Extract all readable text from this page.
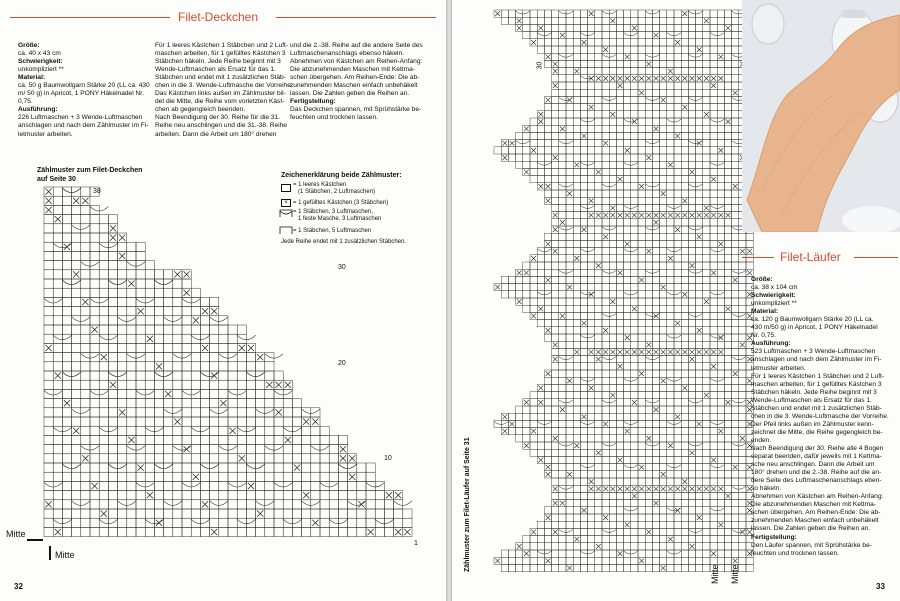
Filet-Deckchen
Größe:
ca. 40 x 43 cm
Schwierigkeit:
unkompliziert **
Material:
ca. 50 g Baumwollgarn Stärke 20 (LL ca. 430
m/ 50 g) in Apricot, 1 PONY Häkelnadel Nr.
0,75.
Ausführung:
226 Luftmaschen + 3 Wende-Luftmaschen
anschlagen und nach dem Zählmuster im Fi-
letmuster arbeiten.
Für 1 leeres Kästchen 1 Stäbchen und 2 Luft-
maschen arbeiten, für 1 gefülltes Kästchen 3
Stäbchen häkeln. Jede Reihe beginnt mit 3
Wende-Luftmaschen als Ersatz für das 1.
Stäbchen und endet mit 1 zusätzlichen Stäb-
chen in die 3. Wende-Luftmasche der Vorreihe.
Das Kästchen links außen im Zählmuster bil-
det die Mitte, die Reihe vom vorletzten Käst-
chen ab gegengleich beenden.
Nach Beendigung der 30. Reihe für die 31.
Reihe neu anschlingen und die 31.-38. Reihe
arbeiten. Dann die Arbeit um 180° drehen
und die 2.-38. Reihe auf die andere Seite des
Luftmaschenanschlags ebenso häkeln.
Abnehmen von Kästchen am Reihen-Anfang:
Die abzunehmenden Maschen mit Kettma-
schen übergehen. Am Reihen-Ende: Die ab-
zunehmenden Maschen einfach unbehäkelt
lassen. Die Zahlen geben die Reihen an.
Fertigstellung:
Das Deckchen spannen, mit Sprühstärke be-
feuchten und trocknen lassen.
Zählmuster zum Filet-Deckchen
auf Seite 30
38
30
20
10
1
Mitte
Mitte
Zeichenerklärung beide Zählmuster:
= 1 leeres Kästchen
(1 Stäbchen, 2 Luftmaschen)
× = 1 gefülltes Kästchen (3 Stäbchen)
= 1 Stäbchen, 3 Luftmaschen,
1 feste Masche, 3 Luftmaschen
= 1 Stäbchen, 5 Luftmaschen
Jede Reihe endet mit 1 zusätzlichen Stäbchen.
32
30
Zählmuster zum Filet-Läufer auf Seite 31
Mitte Mitte
Filet-Läufer
Größe:
ca. 38 x 104 cm
Schwierigkeit:
unkompliziert **
Material:
ca. 120 g Baumwollgarn Stärke 20 (LL ca.
430 m/50 g) in Apricot, 1 PONY Häkelnadel
Nr. 0,75.
Ausführung:
523 Luftmaschen + 3 Wende-Luftmaschen
anschlagen und nach dem Zählmuster im Fi-
letmuster arbeiten.
Für 1 leeres Kästchen 1 Stäbchen und 2 Luft-
maschen arbeiten, für 1 gefülltes Kästchen 3
Stäbchen häkeln. Jede Reihe beginnt mit 3
Wende-Luftmaschen als Ersatz für das 1.
Stäbchen und endet mit 1 zusätzlichen Stäb-
chen in die 3. Wende-Luftmasche der Vorreihe.
Der Pfeil links außen im Zählmuster kenn-
zeichnet die Mitte, die Reihe gegengleich be-
enden.
Nach Beendigung der 30. Reihe alle 4 Bogen
separat beenden, dafür jeweils mit 1 Kettma-
sche neu anschlingen. Dann die Arbeit um
180° drehen und die 2.-38. Reihe auf die an-
dere Seite des Luftmaschenanschlags eben-
so häkeln.
Abnehmen von Kästchen am Reihen-Anfang:
Die abzunehmenden Maschen mit Kettma-
schen übergehen. Am Reihen-Ende: Die ab-
zunehmenden Maschen einfach unbehäkelt
lassen. Die Zahlen geben die Reihen an.
Fertigstellung:
Den Läufer spannen, mit Sprühstärke be-
feuchten und trocknen lassen.
33
